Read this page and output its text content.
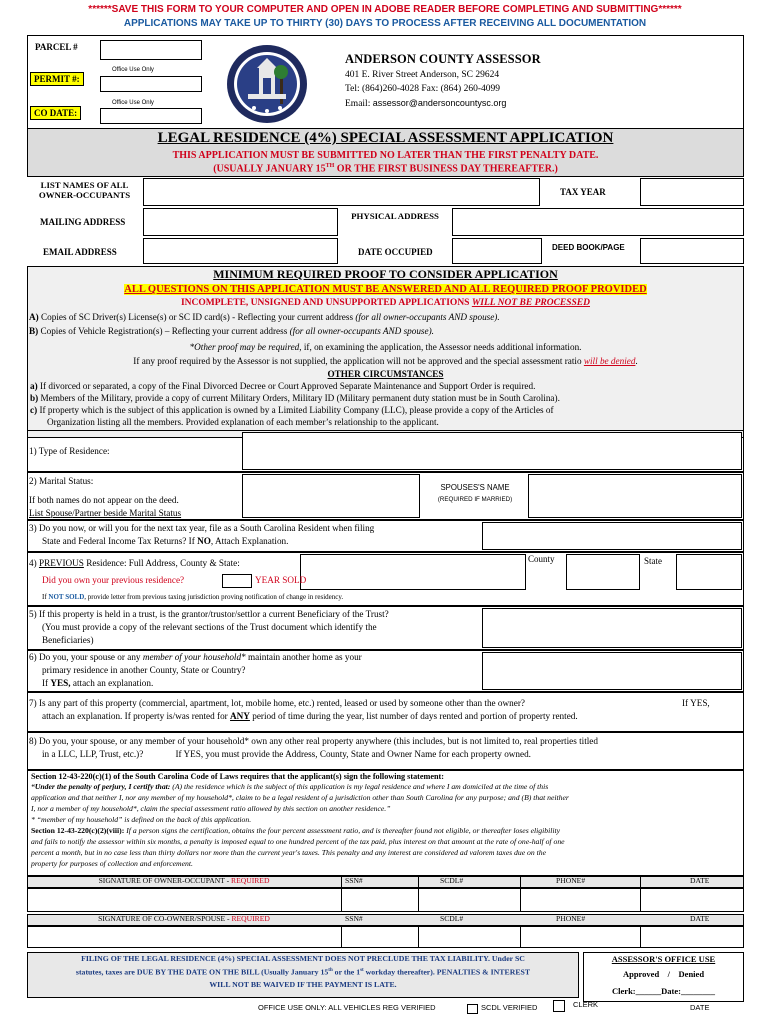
******SAVE THIS FORM TO YOUR COMPUTER AND OPEN IN ADOBE READER BEFORE COMPLETING AND SUBMITTING******
APPLICATIONS MAY TAKE UP TO THIRTY (30) DAYS TO PROCESS AFTER RECEIVING ALL DOCUMENTATION
PARCEL #
Office Use Only
PERMIT #:
Office Use Only
CO DATE:
ANDERSON COUNTY ASSESSOR
401 E. River Street Anderson, SC 29624
Tel: (864)260-4028 Fax: (864) 260-4099
Email: assessor@andersoncountysc.org
LEGAL RESIDENCE (4%) SPECIAL ASSESSMENT APPLICATION
THIS APPLICATION MUST BE SUBMITTED NO LATER THAN THE FIRST PENALTY DATE.
(USUALLY JANUARY 15TH OR THE FIRST BUSINESS DAY THEREAFTER.)
LIST NAMES OF ALL OWNER-OCCUPANTS	TAX YEAR
MAILING ADDRESS
PHYSICAL ADDRESS
EMAIL ADDRESS	DATE OCCUPIED	DEED BOOK/PAGE
MINIMUM REQUIRED PROOF TO CONSIDER APPLICATION
ALL QUESTIONS ON THIS APPLICATION MUST BE ANSWERED AND ALL REQUIRED PROOF PROVIDED
INCOMPLETE, UNSIGNED AND UNSUPPORTED APPLICATIONS WILL NOT BE PROCESSED
A) Copies of SC Driver(s) License(s) or SC ID card(s) - Reflecting your current address (for all owner-occupants AND spouse).
B) Copies of Vehicle Registration(s) – Reflecting your current address (for all owner-occupants AND spouse).
*Other proof may be required, if, on examining the application, the Assessor needs additional information.
If any proof required by the Assessor is not supplied, the application will not be approved and the special assessment ratio will be denied.
OTHER CIRCUMSTANCES
a) If divorced or separated, a copy of the Final Divorced Decree or Court Approved Separate Maintenance and Support Order is required.
b) Members of the Military, provide a copy of current Military Orders, Military ID (Military permanent duty station must be in South Carolina).
c) If property which is the subject of this application is owned by a Limited Liability Company (LLC), please provide a copy of the Articles of
Organization listing all the members. Provided explanation of each member’s relationship to the applicant.
1) Type of Residence:
2) Marital Status:
If both names do not appear on the deed.
List Spouse/Partner beside Marital Status
SPOUSES'S NAME
(REQUIRED IF MARRIED)
3) Do you now, or will you for the next tax year, file as a South Carolina Resident when filing
State and Federal Income Tax Returns? If NO, Attach Explanation.
4) PREVIOUS Residence: Full Address, County & State:	County	State
Did you own your previous residence?	YEAR SOLD
If NOT SOLD, provide letter from previous taxing jurisdiction proving notification of change in residency.
5) If this property is held in a trust, is the grantor/trustor/settlor a current Beneficiary of the Trust?
(You must provide a copy of the relevant sections of the Trust document which identify the
Beneficiaries)
6) Do you, your spouse or any member of your household* maintain another home as your
primary residence in another County, State or Country?
If YES, attach an explanation.
7) Is any part of this property (commercial, apartment, lot, mobile home, etc.) rented, leased or used by someone other than the owner?	If YES,
attach an explanation. If property is/was rented for ANY period of time during the year, list number of days rented and portion of property rented.
8) Do you, your spouse, or any member of your household* own any other real property anywhere (this includes, but is not limited to, real properties titled
in a LLC, LLP, Trust, etc.)?	If YES, you must provide the Address, County, State and Owner Name for each property owned.
Section 12-43-220(c)(1) of the South Carolina Code of Laws requires that the applicant(s) sign the following statement:
“Under the penalty of perjury, I certify that: (A) the residence which is the subject of this application is my legal residence and where I am domiciled at the time of this
application and that neither I, nor any member of my household*, claim to be a legal resident of a jurisdiction other than South Carolina for any purpose; and (B) that neither
I, nor a member of my household*, claim the special assessment ratio allowed by this section on another residence.”
* “member of my household” is defined on the back of this application.
Section 12-43-220(c)(2)(viii): If a person signs the certification, obtains the four percent assessment ratio, and is thereafter found not eligible, or thereafter loses eligibility
and fails to notify the assessor within six months, a penalty is imposed equal to one hundred percent of the tax paid, plus interest on that amount at the rate of one-half of one
percent a month, but in no case less than thirty dollars nor more than the current year's taxes. This penalty and any interest are considered ad valorem taxes due on the
property for purposes of collection and enforcement.
SIGNATURE OF OWNER-OCCUPANT - REQUIRED	SSN#	SCDL#	PHONE#	DATE
SIGNATURE OF CO-OWNER/SPOUSE - REQUIRED	SSN#	SCDL#	PHONE#	DATE
FILING OF THE LEGAL RESIDENCE (4%) SPECIAL ASSESSMENT DOES NOT PRECLUDE THE TAX LIABILITY. Under SC
statutes, taxes are DUE BY THE DATE ON THE BILL (Usually January 15th or the 1st workday thereafter). PENALTIES & INTEREST
WILL NOT BE WAIVED IF THE PAYMENT IS LATE.
ASSESSOR'S OFFICE USE
Approved / Denied
Clerk:______Date:________
OFFICE USE ONLY: ALL VEHICLES REG VERIFIED	SCDL VERIFIED	CLERK	DATE
